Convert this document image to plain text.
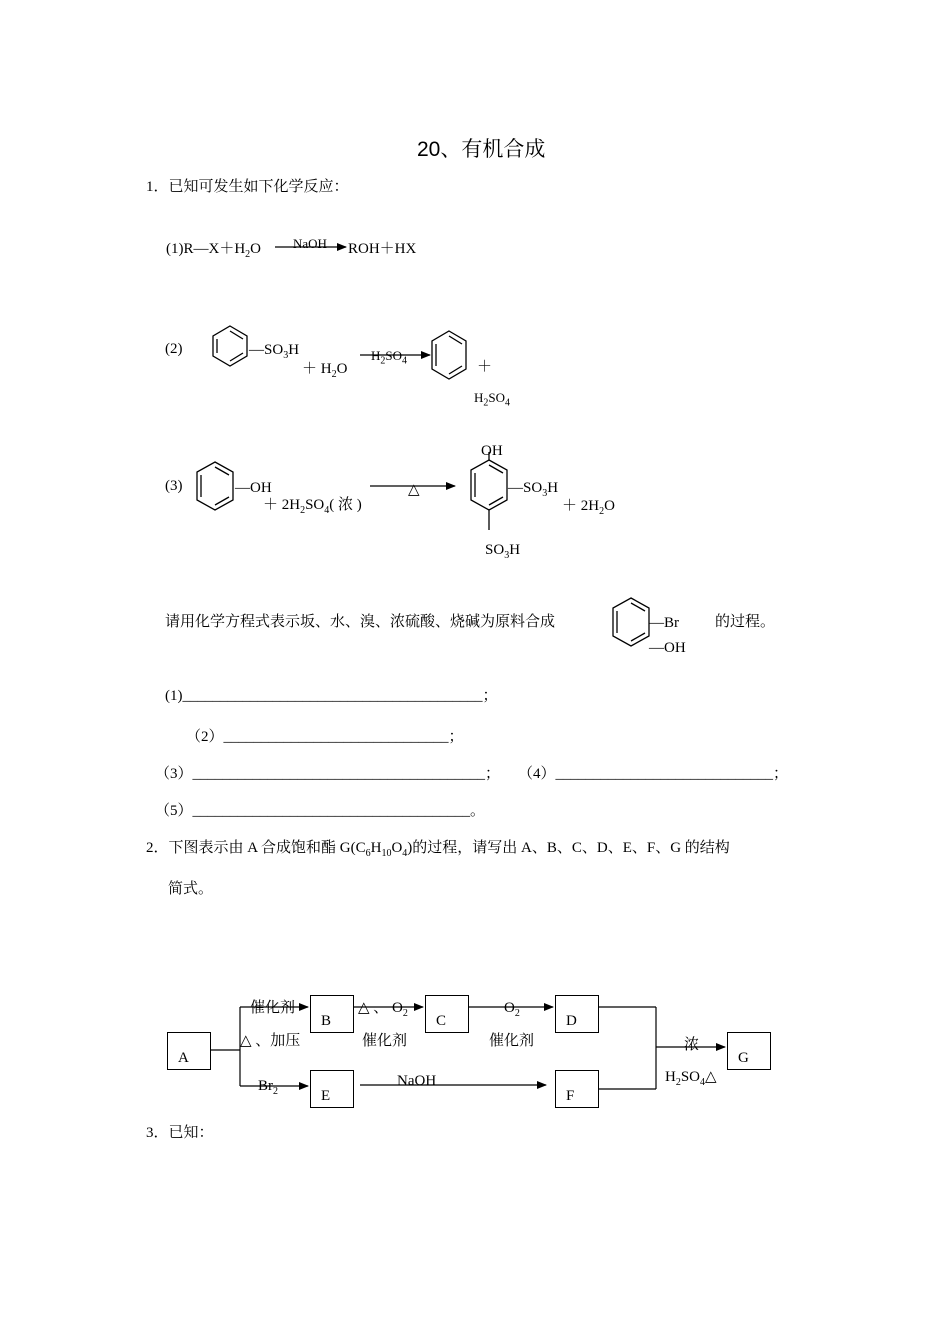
20、有机合成
1．已知可发生如下化学反应：
$(1)R—X+H_2O$ NaOH ROH＋HX
(2)	$—SO_3H$
＋ $H_2O$
$H_2SO_4$	＋
$H_2SO_4$
(3)	—OH
＋ $2H_2SO_4$( 浓 )
△
OH
$—SO_3H$
$SO_3H$
＋ $2H_2O$
请用化学方程式表示坂、水、溴、浓硫酸、烧碱为原料合成	—Br
—OH
的过程。
(1)________________________________________；
（2）______________________________；
（3）_______________________________________； （4）_____________________________；
（5）_____________________________________。
2．下图表示由 A 合成饱和酯 $G(C_6H_{10}O_4)$的过程，请写出 A、B、C、D、E、F、G 的结构
简式。
A
B	C	D
E	F
G
催化剂
△ 、加压
△ 、 $O_2$
催化剂
$O_2$
催化剂
$Br_2$
NaOH
浓
$H_2SO_4\triangle$
3．已知：
